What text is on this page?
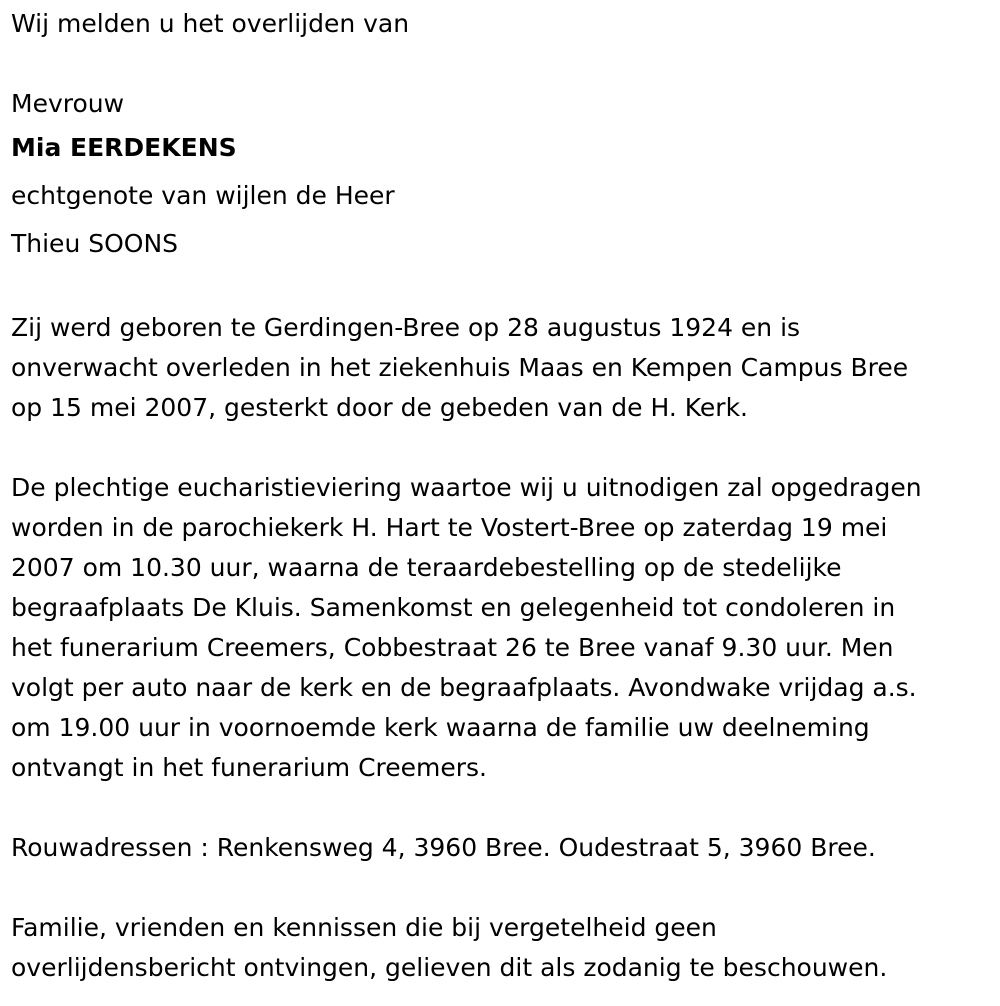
Wij melden u het overlijden van

Mevrouw

Mia EERDEKENS

echtgenote van wijlen de Heer

Thieu SOONS

Zij werd geboren te Gerdingen-Bree op 28 augustus 1924 en is
onverwacht overleden in het ziekenhuis Maas en Kempen Campus Bree
op 15 mei 2007, gesterkt door de gebeden van de H. Kerk.

De plechtige eucharistieviering waartoe wij u uitnodigen zal opgedragen
worden in de parochiekerk H. Hart te Vostert-Bree op zaterdag 19 mei
2007 om 10.30 uur, waarna de teraardebestelling op de stedelijke
begraafplaats De Kluis. Samenkomst en gelegenheid tot condoleren in
het funerarium Creemers, Cobbestraat 26 te Bree vanaf 9.30 uur. Men
volgt per auto naar de kerk en de begraafplaats. Avondwake vrijdag a.s.
om 19.00 uur in voornoemde kerk waarna de familie uw deelneming
ontvangt in het funerarium Creemers.

Rouwadressen : Renkensweg 4, 3960 Bree. Oudestraat 5, 3960 Bree.

Familie, vrienden en kennissen die bij vergetelheid geen
overlijdensbericht ontvingen, gelieven dit als zodanig te beschouwen.
